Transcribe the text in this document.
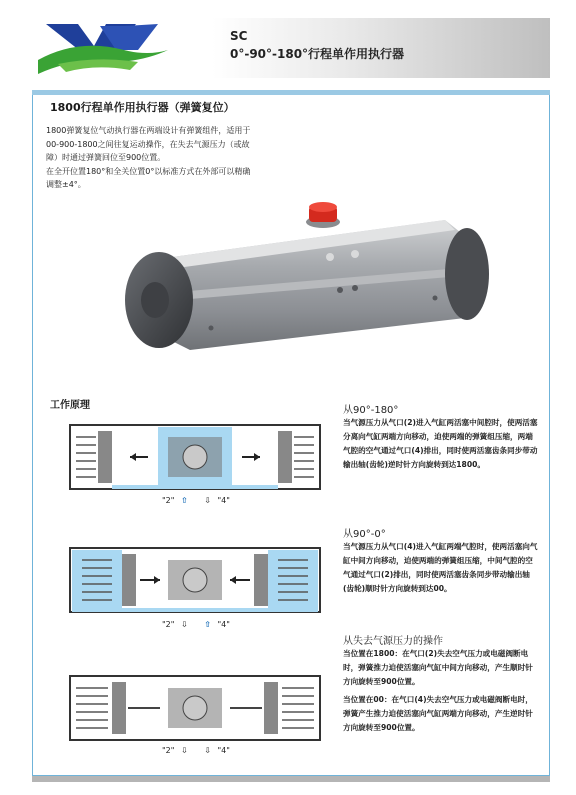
SC
0°-90°-180°行程单作用执行器
1800行程单作用执行器（弹簧复位）

1800弹簧复位气动执行器在两端设计有弹簧组件，适用于

00-900-1800之间往复运动操作，在失去气源压力（或故

障）时通过弹簧回位至900位置。

在全开位置180°和全关位置0°以标准方式在外部可以精确

调整±4°。

工作原理
"2" ⇧ ⇩ "4"
"2" ⇩ ⇧ "4"
"2" ⇩ ⇩ "4"
从90°-180°
当气源压力从气口(2)进入气缸两活塞中间腔时，使两活塞分离向气缸两端方向移动，迫使两端的弹簧组压缩，两端气腔的空气通过气口(4)排出，同时使两活塞齿条同步带动输出轴(齿轮)逆时针方向旋转到达1800。
从90°-0°
当气源压力从气口(4)进入气缸两端气腔时，使两活塞向气缸中间方向移动，迫使两端的弹簧组压缩，中间气腔的空气通过气口(2)排出，同时使两活塞齿条同步带动输出轴(齿轮)顺时针方向旋转到达00。
从失去气源压力的操作
当位置在1800：在气口(2)失去空气压力或电磁阀断电时，弹簧推力迫使活塞向气缸中间方向移动，产生顺时针方向旋转至900位置。
当位置在00：在气口(4)失去空气压力或电磁阀断电时，弹簧产生推力迫使活塞向气缸两端方向移动，产生逆时针方向旋转至900位置。
